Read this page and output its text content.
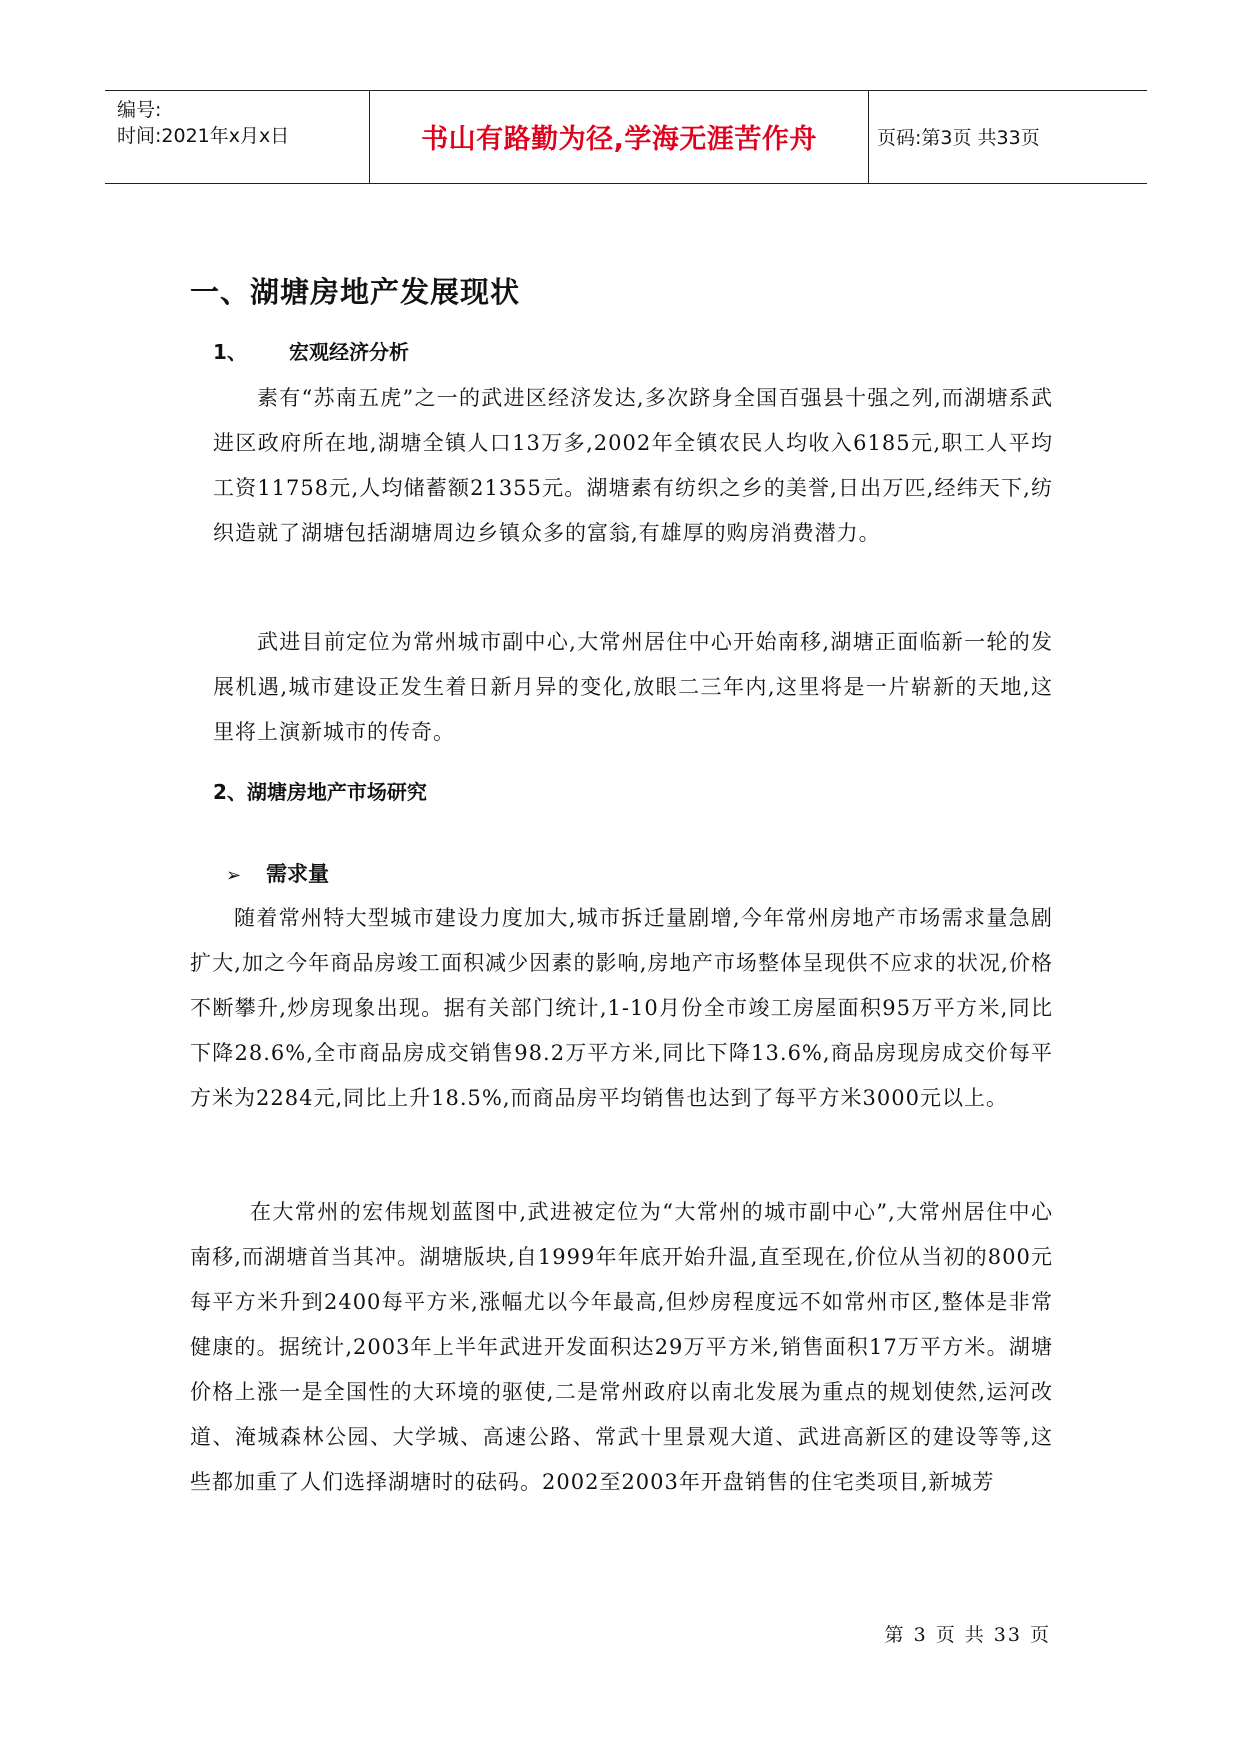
编号:
时间:2021年x月x日	书山有路勤为径,学海无涯苦作舟	页码:第3页 共33页
一、湖塘房地产发展现状
1、 宏观经济分析
素有“苏南五虎”之一的武进区经济发达,多次跻身全国百强县十强之列,而湖塘系武进区政府所在地,湖塘全镇人口13万多,2002年全镇农民人均收入6185元,职工人平均工资11758元,人均储蓄额21355元。湖塘素有纺织之乡的美誉,日出万匹,经纬天下,纺织造就了湖塘包括湖塘周边乡镇众多的富翁,有雄厚的购房消费潜力。
武进目前定位为常州城市副中心,大常州居住中心开始南移,湖塘正面临新一轮的发展机遇,城市建设正发生着日新月异的变化,放眼二三年内,这里将是一片崭新的天地,这里将上演新城市的传奇。
2、湖塘房地产市场研究
➢ 需求量
随着常州特大型城市建设力度加大,城市拆迁量剧增,今年常州房地产市场需求量急剧扩大,加之今年商品房竣工面积减少因素的影响,房地产市场整体呈现供不应求的状况,价格不断攀升,炒房现象出现。据有关部门统计,1-10月份全市竣工房屋面积95万平方米,同比下降28.6%,全市商品房成交销售98.2万平方米,同比下降13.6%,商品房现房成交价每平方米为2284元,同比上升18.5%,而商品房平均销售也达到了每平方米3000元以上。
在大常州的宏伟规划蓝图中,武进被定位为“大常州的城市副中心”,大常州居住中心南移,而湖塘首当其冲。湖塘版块,自1999年年底开始升温,直至现在,价位从当初的800元每平方米升到2400每平方米,涨幅尤以今年最高,但炒房程度远不如常州市区,整体是非常健康的。据统计,2003年上半年武进开发面积达29万平方米,销售面积17万平方米。湖塘价格上涨一是全国性的大环境的驱使,二是常州政府以南北发展为重点的规划使然,运河改道、淹城森林公园、大学城、高速公路、常武十里景观大道、武进高新区的建设等等,这些都加重了人们选择湖塘时的砝码。2002至2003年开盘销售的住宅类项目,新城芳
第 3 页 共 33 页
